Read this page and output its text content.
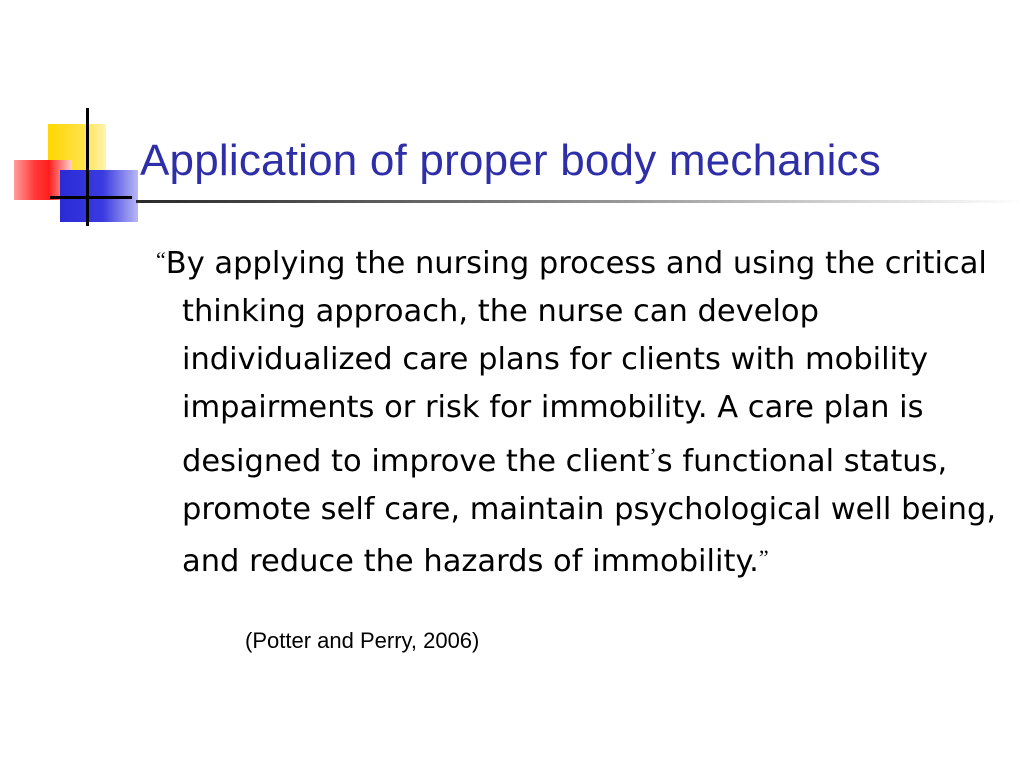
Application of proper body mechanics
“By applying the nursing process and using the critical thinking approach, the nurse can develop individualized care plans for clients with mobility impairments or risk for immobility. A care plan is designed to improve the client’s functional status, promote self care, maintain psychological well being, and reduce the hazards of immobility.”
(Potter and Perry, 2006)
